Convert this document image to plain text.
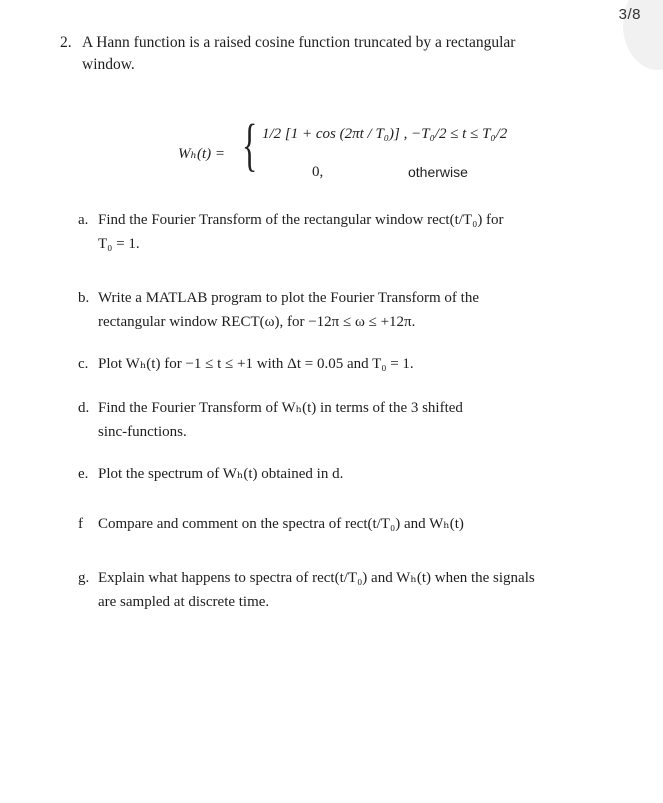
3/8
2. A Hann function is a raised cosine function truncated by a rectangular
window.
Wₕ(t) = { 1/2 [1 + cos (2πt / T₀)] , −T₀/2 ≤ t ≤ T₀/2
0,	otherwise
a. Find the Fourier Transform of the rectangular window rect(t/T₀) for
T₀ = 1.
b. Write a MATLAB program to plot the Fourier Transform of the
rectangular window RECT(ω), for −12π ≤ ω ≤ +12π.
c. Plot Wₕ(t) for −1 ≤ t ≤ +1 with Δt = 0.05 and T₀ = 1.
d. Find the Fourier Transform of Wₕ(t) in terms of the 3 shifted
sinc-functions.
e. Plot the spectrum of Wₕ(t) obtained in d.
f Compare and comment on the spectra of rect(t/T₀) and Wₕ(t)
g. Explain what happens to spectra of rect(t/T₀) and Wₕ(t) when the signals
are sampled at discrete time.
